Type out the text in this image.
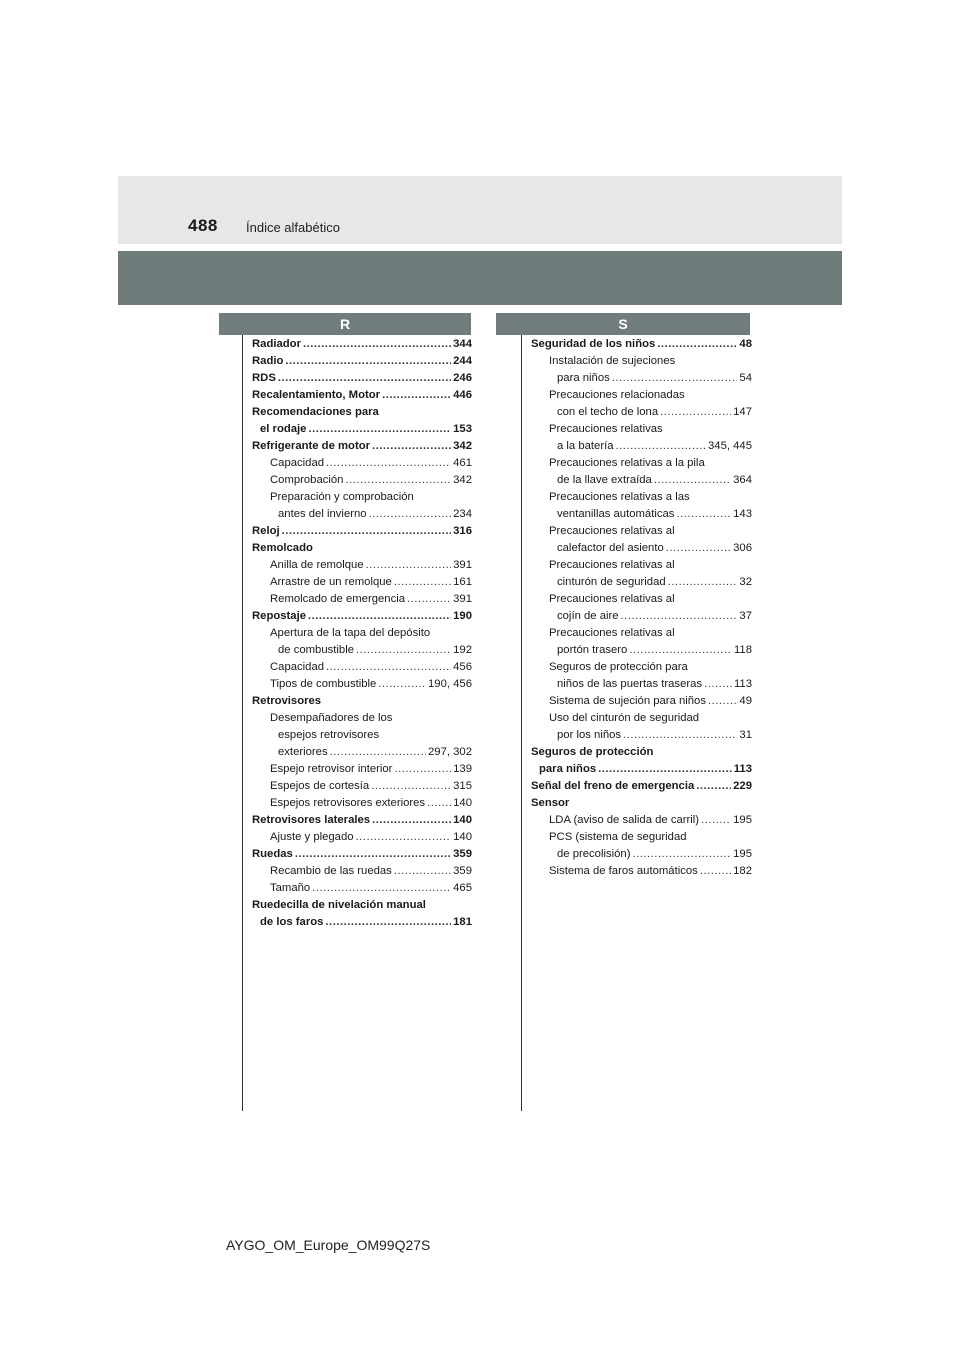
488 Índice alfabético
R	S
Radiador .....	344
Radio .....	244
RDS .....	246
Recalentamiento, Motor .....	446
Recomendaciones para
el rodaje .....	153
Refrigerante de motor .....	342
Capacidad .....	461
Comprobación .....	342
Preparación y comprobación
antes del invierno .....	234
Reloj .....	316
Remolcado
Anilla de remolque .....	391
Arrastre de un remolque .....	161
Remolcado de emergencia .....	391
Repostaje .....	190
Apertura de la tapa del depósito
de combustible .....	192
Capacidad .....	456
Tipos de combustible .....	190, 456
Retrovisores
Desempañadores de los
espejos retrovisores
exteriores .....	297, 302
Espejo retrovisor interior .....	139
Espejos de cortesía .....	315
Espejos retrovisores exteriores ..... 140
Retrovisores laterales .....	140
Ajuste y plegado .....	140
Ruedas .....	359
Recambio de las ruedas .....	359
Tamaño .....	465
Ruedecilla de nivelación manual
de los faros .....	181
Seguridad de los niños .....	48
Instalación de sujeciones
para niños .....	54
Precauciones relacionadas
con el techo de lona .....	147
Precauciones relativas
a la batería .....	345, 445
Precauciones relativas a la pila
de la llave extraída .....	364
Precauciones relativas a las
ventanillas automáticas .....	143
Precauciones relativas al
calefactor del asiento .....	306
Precauciones relativas al
cinturón de seguridad .....	32
Precauciones relativas al
cojín de aire .....	37
Precauciones relativas al
portón trasero .....	118
Seguros de protección para
niños de las puertas traseras .....	113
Sistema de sujeción para niños .....	49
Uso del cinturón de seguridad
por los niños .....	31
Seguros de protección
para niños .....	113
Señal del freno de emergencia .....	229
Sensor
LDA (aviso de salida de carril) .....	195
PCS (sistema de seguridad
de precolisión) .....	195
Sistema de faros automáticos .....	182
AYGO_OM_Europe_OM99Q27S
